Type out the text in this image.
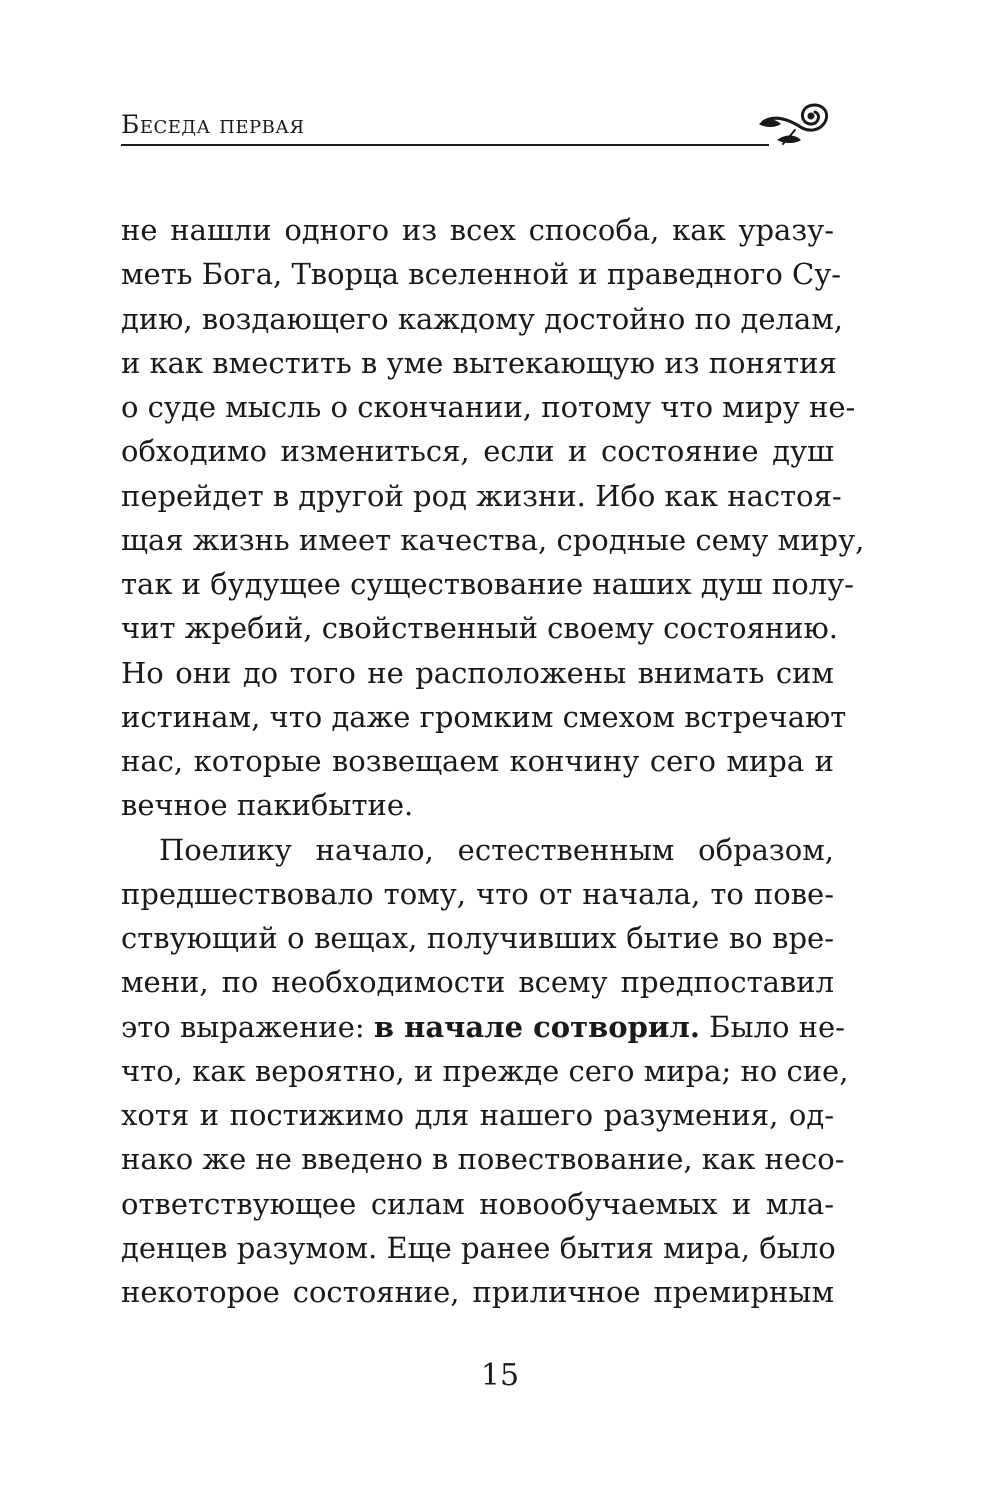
Беседа первая
не нашли одного из всех способа, как уразу-
меть Бога, Творца вселенной и праведного Су-
дию, воздающего каждому достойно по делам,
и как вместить в уме вытекающую из понятия
о суде мысль о скончании, потому что миру не-
обходимо измениться, если и состояние душ
перейдет в другой род жизни. Ибо как настоя-
щая жизнь имеет качества, сродные сему миру,
так и будущее существование наших душ полу-
чит жребий, свойственный своему состоянию.
Но они до того не расположены внимать сим
истинам, что даже громким смехом встречают
нас, которые возвещаем кончину сего мира и
вечное пакибытие.
Поелику начало, естественным образом,
предшествовало тому, что от начала, то пове-
ствующий о вещах, получивших бытие во вре-
мени, по необходимости всему предпоставил
это выражение: в начале сотворил. Было не-
что, как вероятно, и прежде сего мира; но сие,
хотя и постижимо для нашего разумения, од-
нако же не введено в повествование, как несо-
ответствующее силам новообучаемых и мла-
денцев разумом. Еще ранее бытия мира, было
некоторое состояние, приличное премирным
15
